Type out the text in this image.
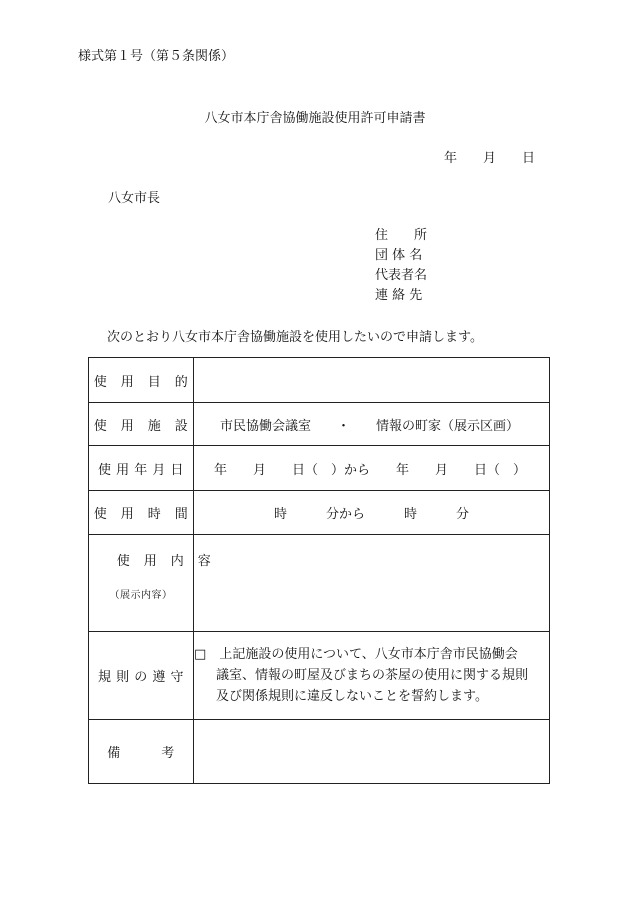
様式第１号（第５条関係）
八女市本庁舎協働施設使用許可申請書
年 月 日
八女市長
住　　所
団 体 名
代表者名
連 絡 先
次のとおり八女市本庁舎協働施設を使用したいので申請します。
使　用　目　的	
使　用　施　設	市民協働会議室　　・　　情報の町家（展示区画）
使 用 年 月 日	年　　月　　日（　）から　　年　　月　　日（　）
使　用　時　間	時　　　分から　　　時　　　分

使　用　内　容

（展示内容）	

規 則 の 遵 守	□　 上記施設の使用について、八女市本庁舎市民協働会
議室、情報の町屋及びまちの茶屋の使用に関する規則
及び関係規則に違反しないことを誓約します。

備　　　考	
